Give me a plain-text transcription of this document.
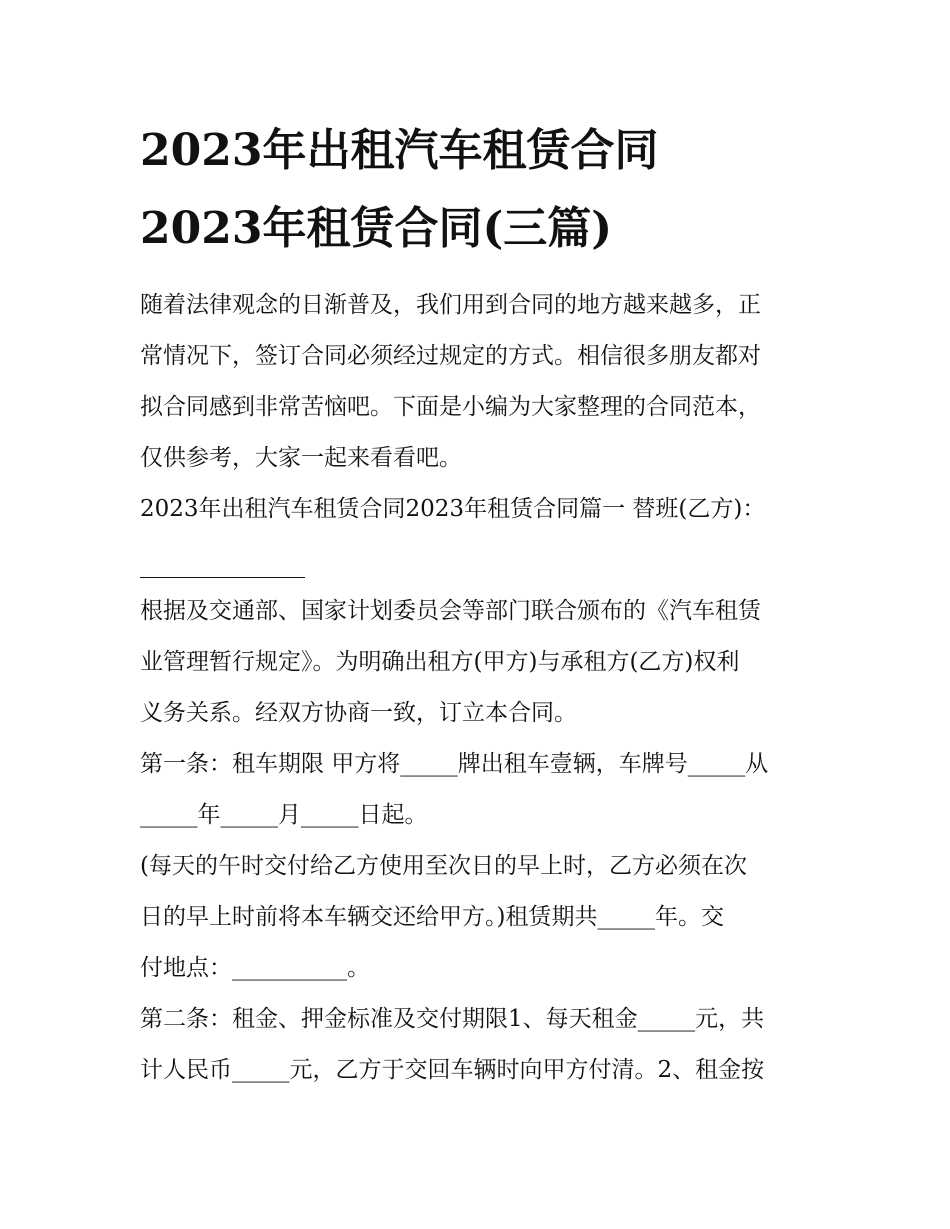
2023年出租汽车租赁合同
2023年租赁合同(三篇)

随着法律观念的日渐普及，我们用到合同的地方越来越多，正

常情况下，签订合同必须经过规定的方式。相信很多朋友都对

拟合同感到非常苦恼吧。下面是小编为大家整理的合同范本，

仅供参考，大家一起来看看吧。

2023年出租汽车租赁合同2023年租赁合同篇一 替班(乙方)：

根据及交通部、国家计划委员会等部门联合颁布的《汽车租赁

业管理暂行规定》。为明确出租方(甲方)与承租方(乙方)权利

义务关系。经双方协商一致，订立本合同。

第一条：租车期限 甲方将_____牌出租车壹辆，车牌号_____从

_____年_____月_____日起。

(每天的午时交付给乙方使用至次日的早上时，乙方必须在次

日的早上时前将本车辆交还给甲方。)租赁期共_____年。交

付地点：__________。

第二条：租金、押金标准及交付期限1、每天租金_____元，共

计人民币_____元，乙方于交回车辆时向甲方付清。2、租金按
